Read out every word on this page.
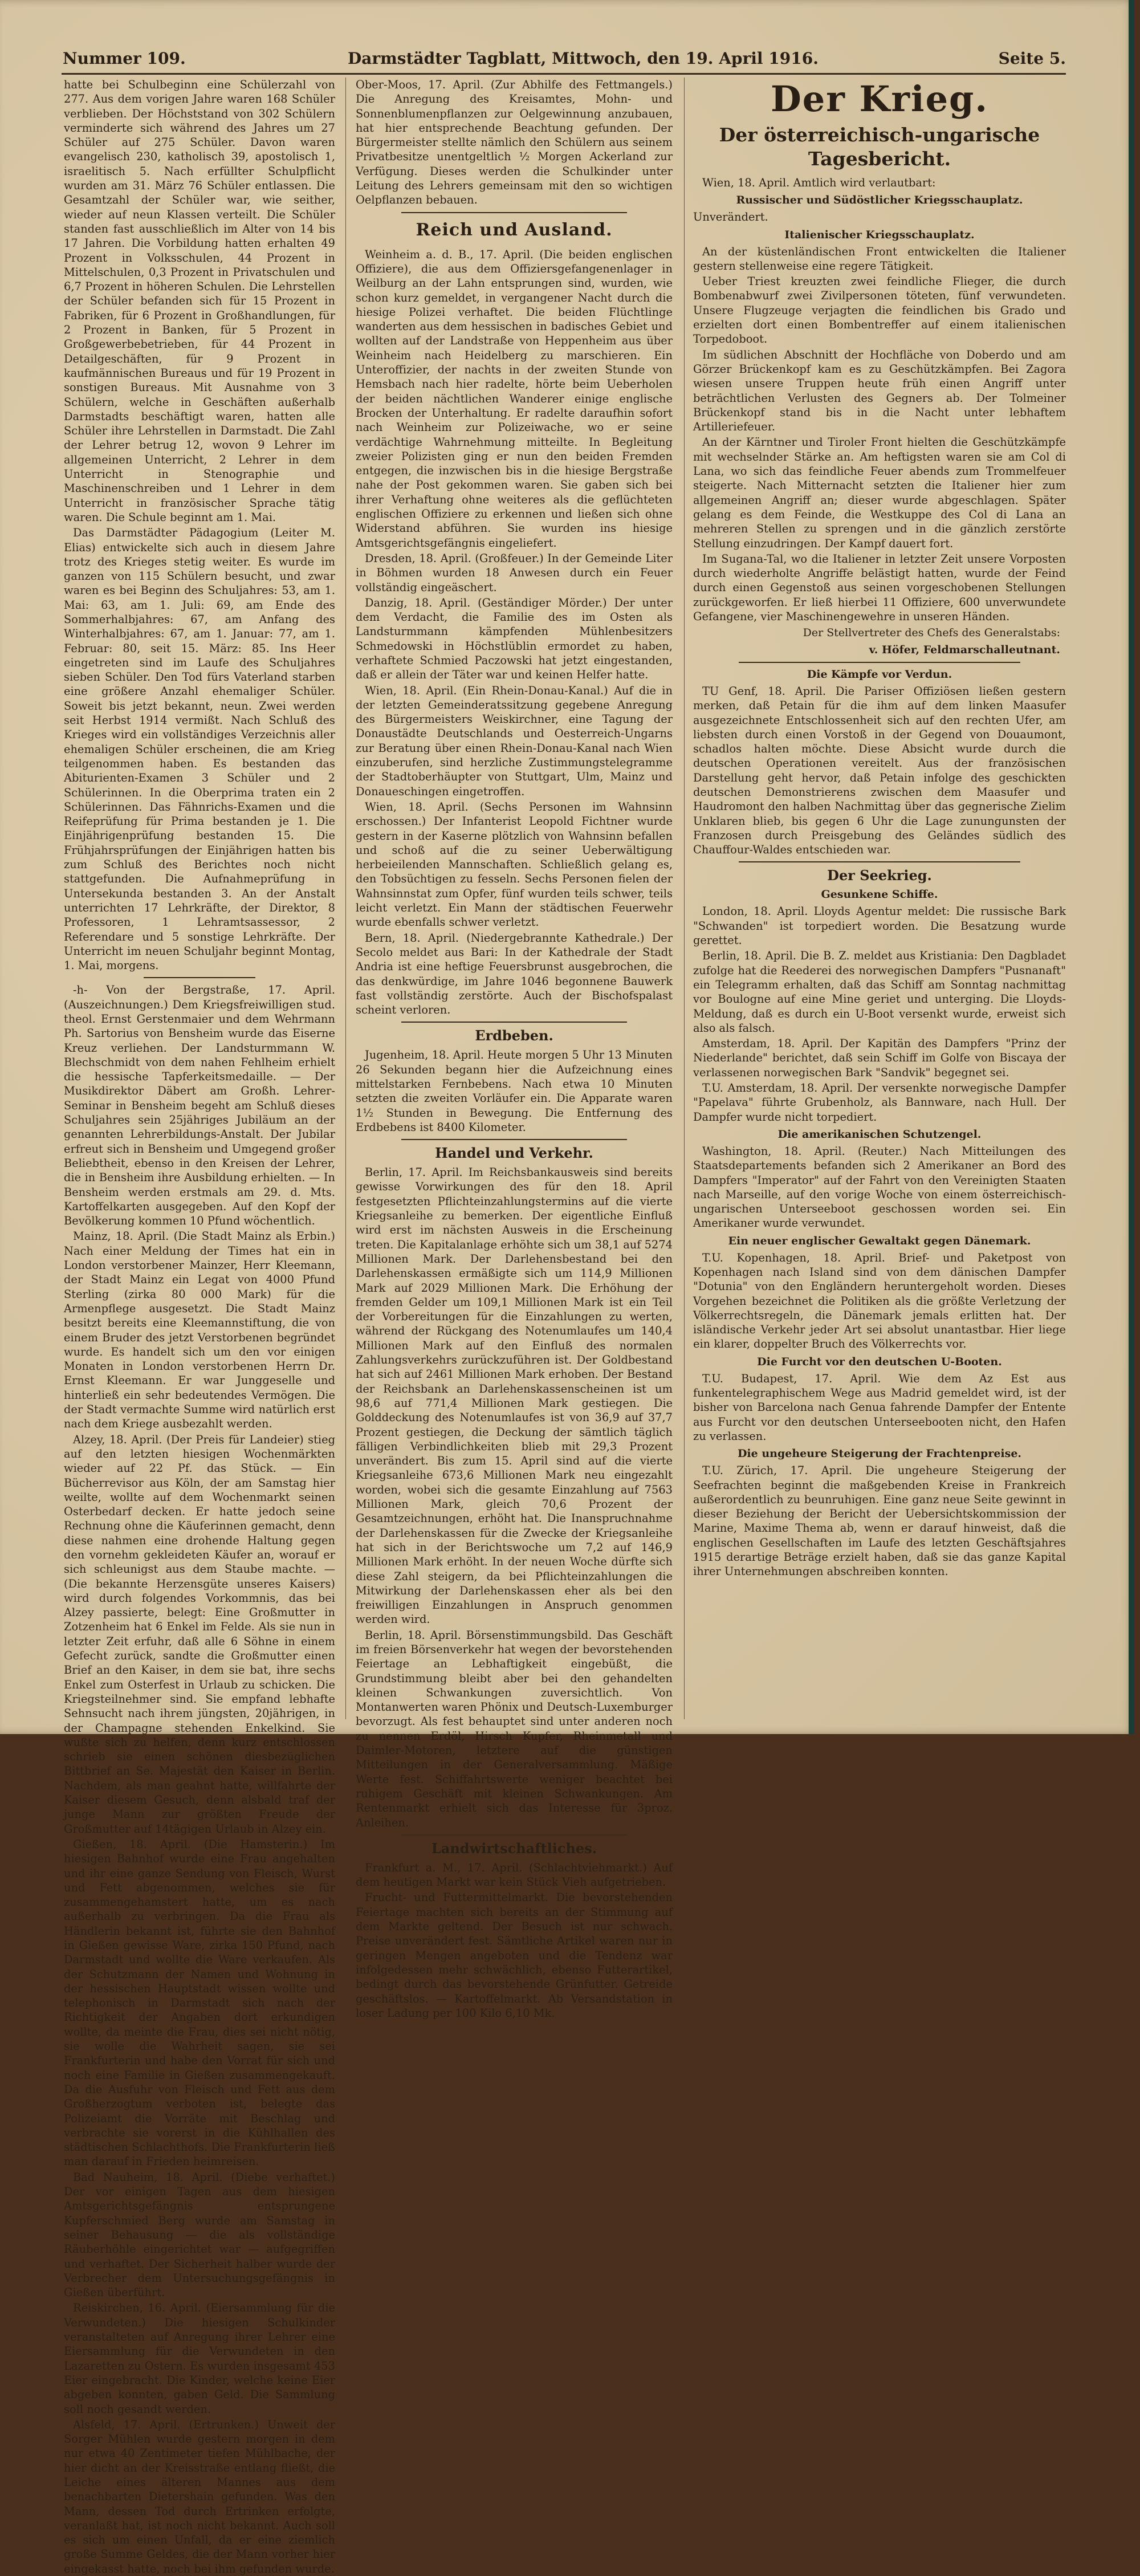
Nummer 109.	Darmstädter Tagblatt, Mittwoch, den 19. April 1916.	Seite 5.

hatte bei Schulbeginn eine Schülerzahl von 277. Aus dem vorigen Jahre waren 168 Schüler verblieben. Der Höchststand von 302 Schülern verminderte sich während des Jahres um 27 Schüler auf 275 Schüler. Davon waren evangelisch 230, katholisch 39, apostolisch 1, israelitisch 5. Nach erfüllter Schulpflicht wurden am 31. März 76 Schüler entlassen. Die Gesamtzahl der Schüler war, wie seither, wieder auf neun Klassen verteilt. Die Schüler standen fast ausschließlich im Alter von 14 bis 17 Jahren. Die Vorbildung hatten erhalten 49 Prozent in Volksschulen, 44 Prozent in Mittelschulen, 0,3 Prozent in Privatschulen und 6,7 Prozent in höheren Schulen. Die Lehrstellen der Schüler befanden sich für 15 Prozent in Fabriken, für 6 Prozent in Großhandlungen, für 2 Prozent in Banken, für 5 Prozent in Großgewerbebetrieben, für 44 Prozent in Detailgeschäften, für 9 Prozent in kaufmännischen Bureaus und für 19 Prozent in sonstigen Bureaus. Mit Ausnahme von 3 Schülern, welche in Geschäften außerhalb Darmstadts beschäftigt waren, hatten alle Schüler ihre Lehrstellen in Darmstadt. Die Zahl der Lehrer betrug 12, wovon 9 Lehrer im allgemeinen Unterricht, 2 Lehrer in dem Unterricht in Stenographie und Maschinenschreiben und 1 Lehrer in dem Unterricht in französischer Sprache tätig waren. Die Schule beginnt am 1. Mai.

Das Darmstädter Pädagogium (Leiter M. Elias) entwickelte sich auch in diesem Jahre trotz des Krieges stetig weiter. Es wurde im ganzen von 115 Schülern besucht, und zwar waren es bei Beginn des Schuljahres: 53, am 1. Mai: 63, am 1. Juli: 69, am Ende des Sommerhalbjahres: 67, am Anfang des Winterhalbjahres: 67, am 1. Januar: 77, am 1. Februar: 80, seit 15. März: 85. Ins Heer eingetreten sind im Laufe des Schuljahres sieben Schüler. Den Tod fürs Vaterland starben eine größere Anzahl ehemaliger Schüler. Soweit bis jetzt bekannt, neun. Zwei werden seit Herbst 1914 vermißt. Nach Schluß des Krieges wird ein vollständiges Verzeichnis aller ehemaligen Schüler erscheinen, die am Krieg teilgenommen haben. Es bestanden das Abiturienten-Examen 3 Schüler und 2 Schülerinnen. In die Oberprima traten ein 2 Schülerinnen. Das Fähnrichs-Examen und die Reifeprüfung für Prima bestanden je 1. Die Einjährigenprüfung bestanden 15. Die Frühjahrsprüfungen der Einjährigen hatten bis zum Schluß des Berichtes noch nicht stattgefunden. Die Aufnahmeprüfung in Untersekunda bestanden 3. An der Anstalt unterrichten 17 Lehrkräfte, der Direktor, 8 Professoren, 1 Lehramtsassessor, 2 Referendare und 5 sonstige Lehrkräfte. Der Unterricht im neuen Schuljahr beginnt Montag, 1. Mai, morgens.

-h- Von der Bergstraße, 17. April. (Auszeichnungen.) Dem Kriegsfreiwilligen stud. theol. Ernst Gerstenmaier und dem Wehrmann Ph. Sartorius von Bensheim wurde das Eiserne Kreuz verliehen. Der Landsturmmann W. Blechschmidt von dem nahen Fehlheim erhielt die hessische Tapferkeitsmedaille. — Der Musikdirektor Däbert am Großh. Lehrer-Seminar in Bensheim begeht am Schluß dieses Schuljahres sein 25jähriges Jubiläum an der genannten Lehrerbildungs-Anstalt. Der Jubilar erfreut sich in Bensheim und Umgegend großer Beliebtheit, ebenso in den Kreisen der Lehrer, die in Bensheim ihre Ausbildung erhielten. — In Bensheim werden erstmals am 29. d. Mts. Kartoffelkarten ausgegeben. Auf den Kopf der Bevölkerung kommen 10 Pfund wöchentlich.

Mainz, 18. April. (Die Stadt Mainz als Erbin.) Nach einer Meldung der Times hat ein in London verstorbener Mainzer, Herr Kleemann, der Stadt Mainz ein Legat von 4000 Pfund Sterling (zirka 80 000 Mark) für die Armenpflege ausgesetzt. Die Stadt Mainz besitzt bereits eine Kleemannstiftung, die von einem Bruder des jetzt Verstorbenen begründet wurde. Es handelt sich um den vor einigen Monaten in London verstorbenen Herrn Dr. Ernst Kleemann. Er war Junggeselle und hinterließ ein sehr bedeutendes Vermögen. Die der Stadt vermachte Summe wird natürlich erst nach dem Kriege ausbezahlt werden.

Alzey, 18. April. (Der Preis für Landeier) stieg auf den letzten hiesigen Wochenmärkten wieder auf 22 Pf. das Stück. — Ein Bücherrevisor aus Köln, der am Samstag hier weilte, wollte auf dem Wochenmarkt seinen Osterbedarf decken. Er hatte jedoch seine Rechnung ohne die Käuferinnen gemacht, denn diese nahmen eine drohende Haltung gegen den vornehm gekleideten Käufer an, worauf er sich schleunigst aus dem Staube machte. — (Die bekannte Herzensgüte unseres Kaisers) wird durch folgendes Vorkommnis, das bei Alzey passierte, belegt: Eine Großmutter in Zotzenheim hat 6 Enkel im Felde. Als sie nun in letzter Zeit erfuhr, daß alle 6 Söhne in einem Gefecht zurück, sandte die Großmutter einen Brief an den Kaiser, in dem sie bat, ihre sechs Enkel zum Osterfest in Urlaub zu schicken. Die Kriegsteilnehmer sind. Sie empfand lebhafte Sehnsucht nach ihrem jüngsten, 20jährigen, in der Champagne stehenden Enkelkind. Sie wußte sich zu helfen, denn kurz entschlossen schrieb sie einen schönen diesbezüglichen Bittbrief an Se. Majestät den Kaiser in Berlin. Nachdem, als man geahnt hatte, willfahrte der Kaiser diesem Gesuch, denn alsbald traf der junge Mann zur größten Freude der Großmutter auf 14tägigen Urlaub in Alzey ein.

Gießen, 18. April. (Die Hamsterin.) Im hiesigen Bahnhof wurde eine Frau angehalten und ihr eine ganze Sendung von Fleisch, Wurst und Fett abgenommen, welches sie für zusammengehamstert hatte, um es nach außerhalb zu verbringen. Da die Frau als Händlerin bekannt ist, führte sie den Bahnhof in Gießen gewisse Ware, zirka 150 Pfund, nach Darmstadt und wollte die Ware verkaufen. Als der Schutzmann der Namen und Wohnung in der hessischen Hauptstadt wissen wollte und telephonisch in Darmstadt sich nach der Richtigkeit der Angaben dort erkundigen wollte, da meinte die Frau, dies sei nicht nötig, sie wolle die Wahrheit sagen, sie sei Frankfurterin und habe den Vorrat für sich und noch eine Familie in Gießen zusammengekauft. Da die Ausfuhr von Fleisch und Fett aus dem Großherzogtum verboten ist, belegte das Polizeiamt die Vorräte mit Beschlag und verbrachte sie vorerst in die Kühlhallen des städtischen Schlachthofs. Die Frankfurterin ließ man darauf in Frieden heimreisen.

Bad Nauheim, 18. April. (Diebe verhaftet.) Der vor einigen Tagen aus dem hiesigen Amtsgerichtsgefängnis entsprungene Kupferschmied Berg wurde am Samstag in seiner Behausung — die als vollständige Räuberhöhle eingerichtet war — aufgegriffen und verhaftet. Der Sicherheit halber wurde der Verbrecher dem Untersuchungsgefängnis in Gießen überführt.

Reiskirchen, 16. April. (Eiersammlung für die Verwundeten.) Die hiesigen Schulkinder veranstalteten auf Anregung ihrer Lehrer eine Eiersammlung für die Verwundeten in den Lazaretten zu Ostern. Es wurden insgesamt 453 Eier eingebracht. Die Kinder, welche keine Eier abgeben konnten, gaben Geld. Die Sammlung soll noch gesandt werden.

Alsfeld, 17. April. (Ertrunken.) Unweit der Sorger Mühlen wurde gestern morgen in dem nur etwa 40 Zentimeter tiefen Mühlbache, der hier dicht an der Kreisstraße entlang fließt, die Leiche eines älteren Mannes aus dem benachbarten Dietershain gefunden. Was den Mann, dessen Tod durch Ertrinken erfolgte, veranlaßt hat, ist noch nicht bekannt. Auch soll es sich um einen Unfall, da er eine ziemlich große Summe Geldes, die der Mann vorher hier eingekasst hatte, noch bei ihm gefunden wurde.

Ober-Moos, 17. April. (Zur Abhilfe des Fettmangels.) Die Anregung des Kreisamtes, Mohn- und Sonnenblumenpflanzen zur Oelgewinnung anzubauen, hat hier entsprechende Beachtung gefunden. Der Bürgermeister stellte nämlich den Schülern aus seinem Privatbesitze unentgeltlich ½ Morgen Ackerland zur Verfügung. Dieses werden die Schulkinder unter Leitung des Lehrers gemeinsam mit den so wichtigen Oelpflanzen bebauen.

Reich und Ausland.

Weinheim a. d. B., 17. April. (Die beiden englischen Offiziere), die aus dem Offiziersgefangenenlager in Weilburg an der Lahn entsprungen sind, wurden, wie schon kurz gemeldet, in vergangener Nacht durch die hiesige Polizei verhaftet. Die beiden Flüchtlinge wanderten aus dem hessischen in badisches Gebiet und wollten auf der Landstraße von Heppenheim aus über Weinheim nach Heidelberg zu marschieren. Ein Unteroffizier, der nachts in der zweiten Stunde von Hemsbach nach hier radelte, hörte beim Ueberholen der beiden nächtlichen Wanderer einige englische Brocken der Unterhaltung. Er radelte daraufhin sofort nach Weinheim zur Polizeiwache, wo er seine verdächtige Wahrnehmung mitteilte. In Begleitung zweier Polizisten ging er nun den beiden Fremden entgegen, die inzwischen bis in die hiesige Bergstraße nahe der Post gekommen waren. Sie gaben sich bei ihrer Verhaftung ohne weiteres als die geflüchteten englischen Offiziere zu erkennen und ließen sich ohne Widerstand abführen. Sie wurden ins hiesige Amtsgerichtsgefängnis eingeliefert.

Dresden, 18. April. (Großfeuer.) In der Gemeinde Liter in Böhmen wurden 18 Anwesen durch ein Feuer vollständig eingeäschert.

Danzig, 18. April. (Geständiger Mörder.) Der unter dem Verdacht, die Familie des im Osten als Landsturmmann kämpfenden Mühlenbesitzers Schmedowski in Höchstlüblin ermordet zu haben, verhaftete Schmied Paczowski hat jetzt eingestanden, daß er allein der Täter war und keinen Helfer hatte.

Wien, 18. April. (Ein Rhein-Donau-Kanal.) Auf die in der letzten Gemeinderatssitzung gegebene Anregung des Bürgermeisters Weiskirchner, eine Tagung der Donaustädte Deutschlands und Oesterreich-Ungarns zur Beratung über einen Rhein-Donau-Kanal nach Wien einzuberufen, sind herzliche Zustimmungstelegramme der Stadtoberhäupter von Stuttgart, Ulm, Mainz und Donaueschingen eingetroffen.

Wien, 18. April. (Sechs Personen im Wahnsinn erschossen.) Der Infanterist Leopold Fichtner wurde gestern in der Kaserne plötzlich von Wahnsinn befallen und schoß auf die zu seiner Ueberwältigung herbeieilenden Mannschaften. Schließlich gelang es, den Tobsüchtigen zu fesseln. Sechs Personen fielen der Wahnsinnstat zum Opfer, fünf wurden teils schwer, teils leicht verletzt. Ein Mann der städtischen Feuerwehr wurde ebenfalls schwer verletzt.

Bern, 18. April. (Niedergebrannte Kathedrale.) Der Secolo meldet aus Bari: In der Kathedrale der Stadt Andria ist eine heftige Feuersbrunst ausgebrochen, die das denkwürdige, im Jahre 1046 begonnene Bauwerk fast vollständig zerstörte. Auch der Bischofspalast scheint verloren.

Erdbeben.

Jugenheim, 18. April. Heute morgen 5 Uhr 13 Minuten 26 Sekunden begann hier die Aufzeichnung eines mittelstarken Fernbebens. Nach etwa 10 Minuten setzten die zweiten Vorläufer ein. Die Apparate waren 1½ Stunden in Bewegung. Die Entfernung des Erdbebens ist 8400 Kilometer.

Handel und Verkehr.

Berlin, 17. April. Im Reichsbankausweis sind bereits gewisse Vorwirkungen des für den 18. April festgesetzten Pflichteinzahlungstermins auf die vierte Kriegsanleihe zu bemerken. Der eigentliche Einfluß wird erst im nächsten Ausweis in die Erscheinung treten. Die Kapitalanlage erhöhte sich um 38,1 auf 5274 Millionen Mark. Der Darlehensbestand bei den Darlehenskassen ermäßigte sich um 114,9 Millionen Mark auf 2029 Millionen Mark. Die Erhöhung der fremden Gelder um 109,1 Millionen Mark ist ein Teil der Vorbereitungen für die Einzahlungen zu werten, während der Rückgang des Notenumlaufes um 140,4 Millionen Mark auf den Einfluß des normalen Zahlungsverkehrs zurückzuführen ist. Der Goldbestand hat sich auf 2461 Millionen Mark erhoben. Der Bestand der Reichsbank an Darlehenskassenscheinen ist um 98,6 auf 771,4 Millionen Mark gestiegen. Die Golddeckung des Notenumlaufes ist von 36,9 auf 37,7 Prozent gestiegen, die Deckung der sämtlich täglich fälligen Verbindlichkeiten blieb mit 29,3 Prozent unverändert. Bis zum 15. April sind auf die vierte Kriegsanleihe 673,6 Millionen Mark neu eingezahlt worden, wobei sich die gesamte Einzahlung auf 7563 Millionen Mark, gleich 70,6 Prozent der Gesamtzeichnungen, erhöht hat. Die Inanspruchnahme der Darlehenskassen für die Zwecke der Kriegsanleihe hat sich in der Berichtswoche um 7,2 auf 146,9 Millionen Mark erhöht. In der neuen Woche dürfte sich diese Zahl steigern, da bei Pflichteinzahlungen die Mitwirkung der Darlehenskassen eher als bei den freiwilligen Einzahlungen in Anspruch genommen werden wird.

Berlin, 18. April. Börsenstimmungsbild. Das Geschäft im freien Börsenverkehr hat wegen der bevorstehenden Feiertage an Lebhaftigkeit eingebüßt, die Grundstimmung bleibt aber bei den gehandelten kleinen Schwankungen zuversichtlich. Von Montanwerten waren Phönix und Deutsch-Luxemburger bevorzugt. Als fest behauptet sind unter anderen noch zu nennen Erdöl, Hirsch Kupfer, Rheinmetall und Daimler-Motoren, letztere auf die günstigen Mitteilungen in der Generalversammlung. Mäßige Werte fest. Schiffahrtswerte weniger beachtet bei ruhigem Geschäft mit kleinen Schwankungen. Am Rentenmarkt erhielt sich das Interesse für 3proz. Anleihen.

Landwirtschaftliches.

Frankfurt a. M., 17. April. (Schlachtviehmarkt.) Auf dem heutigen Markt war kein Stück Vieh aufgetrieben.

Frucht- und Futtermittelmarkt. Die bevorstehenden Feiertage machten sich bereits an der Stimmung auf dem Markte geltend. Der Besuch ist nur schwach. Preise unverändert fest. Sämtliche Artikel waren nur in geringen Mengen angeboten und die Tendenz war infolgedessen mehr schwächlich, ebenso Futterartikel, bedingt durch das bevorstehende Grünfutter. Getreide geschäftslos. — Kartoffelmarkt. Ab Versandstation in loser Ladung per 100 Kilo 6,10 Mk.

Der Krieg.
Der österreichisch-ungarische Tagesbericht.

Wien, 18. April. Amtlich wird verlautbart:

Russischer und Südöstlicher Kriegsschauplatz.

Unverändert.

Italienischer Kriegsschauplatz.

An der küstenländischen Front entwickelten die Italiener gestern stellenweise eine regere Tätigkeit.

Ueber Triest kreuzten zwei feindliche Flieger, die durch Bombenabwurf zwei Zivilpersonen töteten, fünf verwundeten. Unsere Flugzeuge verjagten die feindlichen bis Grado und erzielten dort einen Bombentreffer auf einem italienischen Torpedoboot.

Im südlichen Abschnitt der Hochfläche von Doberdo und am Görzer Brückenkopf kam es zu Geschützkämpfen. Bei Zagora wiesen unsere Truppen heute früh einen Angriff unter beträchtlichen Verlusten des Gegners ab. Der Tolmeiner Brückenkopf stand bis in die Nacht unter lebhaftem Artilleriefeuer.

An der Kärntner und Tiroler Front hielten die Geschützkämpfe mit wechselnder Stärke an. Am heftigsten waren sie am Col di Lana, wo sich das feindliche Feuer abends zum Trommelfeuer steigerte. Nach Mitternacht setzten die Italiener hier zum allgemeinen Angriff an; dieser wurde abgeschlagen. Später gelang es dem Feinde, die Westkuppe des Col di Lana an mehreren Stellen zu sprengen und in die gänzlich zerstörte Stellung einzudringen. Der Kampf dauert fort.

Im Sugana-Tal, wo die Italiener in letzter Zeit unsere Vorposten durch wiederholte Angriffe belästigt hatten, wurde der Feind durch einen Gegenstoß aus seinen vorgeschobenen Stellungen zurückgeworfen. Er ließ hierbei 11 Offiziere, 600 unverwundete Gefangene, vier Maschinengewehre in unseren Händen.

Der Stellvertreter des Chefs des Generalstabs:
v. Höfer, Feldmarschalleutnant.
Die Kämpfe vor Verdun.

TU Genf, 18. April. Die Pariser Offiziösen ließen gestern merken, daß Petain für die ihm auf dem linken Maasufer ausgezeichnete Entschlossenheit sich auf den rechten Ufer, am liebsten durch einen Vorstoß in der Gegend von Douaumont, schadlos halten möchte. Diese Absicht wurde durch die deutschen Operationen vereitelt. Aus der französischen Darstellung geht hervor, daß Petain infolge des geschickten deutschen Demonstrierens zwischen dem Maasufer und Haudromont den halben Nachmittag über das gegnerische Zielim Unklaren blieb, bis gegen 6 Uhr die Lage zunungunsten der Franzosen durch Preisgebung des Geländes südlich des Chauffour-Waldes entschieden war.

Der Seekrieg.
Gesunkene Schiffe.

London, 18. April. Lloyds Agentur meldet: Die russische Bark "Schwanden" ist torpediert worden. Die Besatzung wurde gerettet.

Berlin, 18. April. Die B. Z. meldet aus Kristiania: Den Dagbladet zufolge hat die Reederei des norwegischen Dampfers "Pusnanaft" ein Telegramm erhalten, daß das Schiff am Sonntag nachmittag vor Boulogne auf eine Mine geriet und unterging. Die Lloyds-Meldung, daß es durch ein U-Boot versenkt wurde, erweist sich also als falsch.

Amsterdam, 18. April. Der Kapitän des Dampfers "Prinz der Niederlande" berichtet, daß sein Schiff im Golfe von Biscaya der verlassenen norwegischen Bark "Sandvik" begegnet sei.

T.U. Amsterdam, 18. April. Der versenkte norwegische Dampfer "Papelava" führte Grubenholz, als Bannware, nach Hull. Der Dampfer wurde nicht torpediert.

Die amerikanischen Schutzengel.

Washington, 18. April. (Reuter.) Nach Mitteilungen des Staatsdepartements befanden sich 2 Amerikaner an Bord des Dampfers "Imperator" auf der Fahrt von den Vereinigten Staaten nach Marseille, auf den vorige Woche von einem österreichisch-ungarischen Unterseeboot geschossen worden sei. Ein Amerikaner wurde verwundet.

Ein neuer englischer Gewaltakt gegen Dänemark.

T.U. Kopenhagen, 18. April. Brief- und Paketpost von Kopenhagen nach Island sind von dem dänischen Dampfer "Dotunia" von den Engländern heruntergeholt worden. Dieses Vorgehen bezeichnet die Politiken als die größte Verletzung der Völkerrechtsregeln, die Dänemark jemals erlitten hat. Der isländische Verkehr jeder Art sei absolut unantastbar. Hier liege ein klarer, doppelter Bruch des Völkerrechts vor.

Die Furcht vor den deutschen U-Booten.

T.U. Budapest, 17. April. Wie dem Az Est aus funkentelegraphischem Wege aus Madrid gemeldet wird, ist der bisher von Barcelona nach Genua fahrende Dampfer der Entente aus Furcht vor den deutschen Unterseebooten nicht, den Hafen zu verlassen.

Die ungeheure Steigerung der Frachtenpreise.

T.U. Zürich, 17. April. Die ungeheure Steigerung der Seefrachten beginnt die maßgebenden Kreise in Frankreich außerordentlich zu beunruhigen. Eine ganz neue Seite gewinnt in dieser Beziehung der Bericht der Uebersichtskommission der Marine, Maxime Thema ab, wenn er darauf hinweist, daß die englischen Gesellschaften im Laufe des letzten Geschäftsjahres 1915 derartige Beträge erzielt haben, daß sie das ganze Kapital ihrer Unternehmungen abschreiben konnten.
